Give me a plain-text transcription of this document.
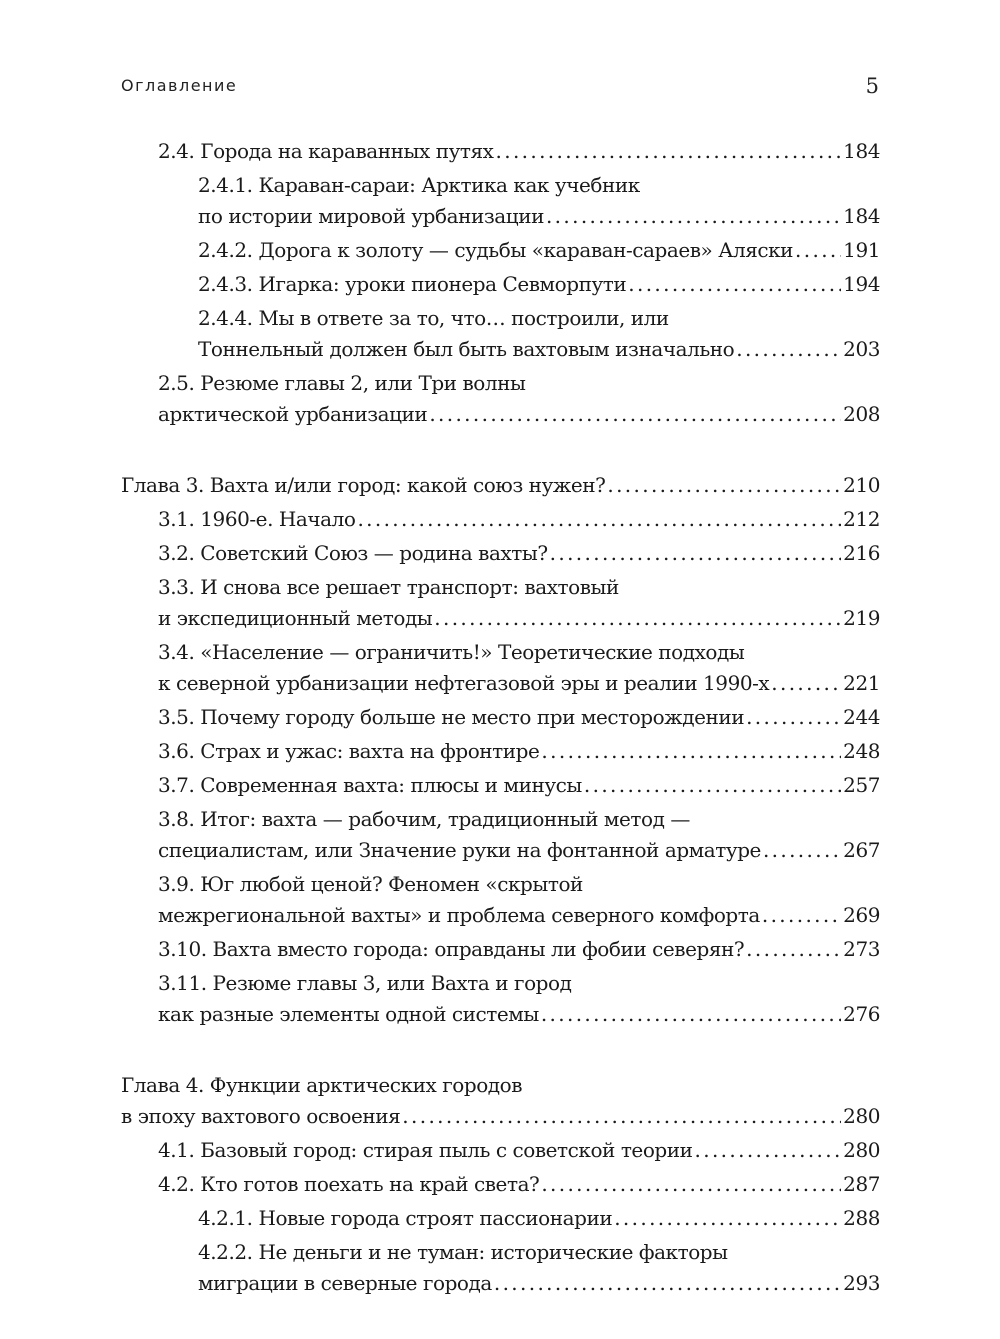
Оглавление	5
2.4. Города на караванных путях . . .	184
2.4.1. Караван-сараи: Арктика как учебник
по истории мировой урбанизации . . .	184
2.4.2. Дорога к золоту — судьбы «караван-сараев» Аляски . . .	191
2.4.3. Игарка: уроки пионера Севморпути . . .	194
2.4.4. Мы в ответе за то, что… построили, или
Тоннельный должен был быть вахтовым изначально . . .	203
2.5. Резюме главы 2, или Три волны
арктической урбанизации . . .	208
Глава 3. Вахта и/или город: какой союз нужен? . . .	210
3.1. 1960-е. Начало . . .	212
3.2. Советский Союз — родина вахты? . . .	216
3.3. И снова все решает транспорт: вахтовый
и экспедиционный методы . . .	219
3.4. «Население — ограничить!» Теоретические подходы
к северной урбанизации нефтегазовой эры и реалии 1990-х . . .	221
3.5. Почему городу больше не место при месторождении . . .	244
3.6. Страх и ужас: вахта на фронтире . . .	248
3.7. Современная вахта: плюсы и минусы . . .	257
3.8. Итог: вахта — рабочим, традиционный метод —
специалистам, или Значение руки на фонтанной арматуре . . .	267
3.9. Юг любой ценой? Феномен «скрытой
межрегиональной вахты» и проблема северного комфорта . . .	269
3.10. Вахта вместо города: оправданы ли фобии северян? . . .	273
3.11. Резюме главы 3, или Вахта и город
как разные элементы одной системы . . .	276
Глава 4. Функции арктических городов
в эпоху вахтового освоения . . .	280
4.1. Базовый город: стирая пыль с советской теории . . .	280
4.2. Кто готов поехать на край света? . . .	287
4.2.1. Новые города строят пассионарии . . .	288
4.2.2. Не деньги и не туман: исторические факторы
миграции в северные города . . .	293
